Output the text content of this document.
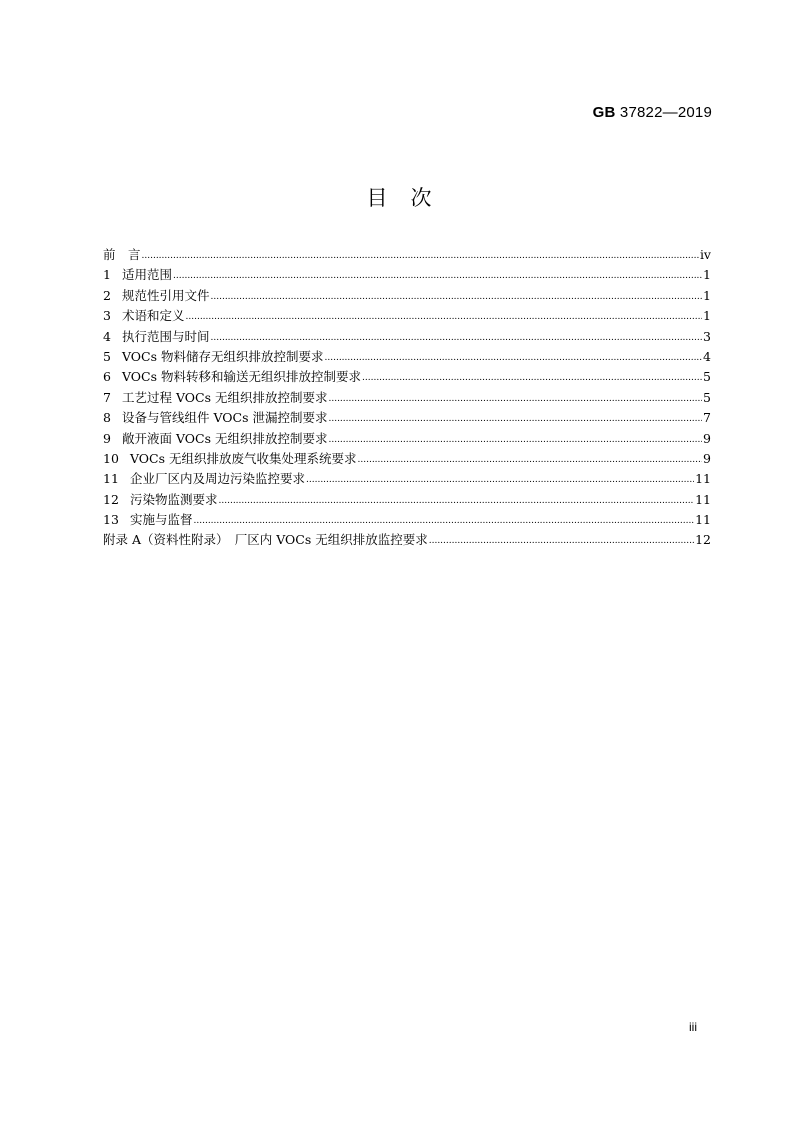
GB 37822—2019
目　次
前　言 .....	iv
1 适用范围 .....	1
2 规范性引用文件 .....	1
3 术语和定义 .....	1
4 执行范围与时间 .....	3
5 VOCs 物料储存无组织排放控制要求 .....	4
6 VOCs 物料转移和输送无组织排放控制要求 .....	5
7 工艺过程 VOCs 无组织排放控制要求 .....	5
8 设备与管线组件 VOCs 泄漏控制要求 .....	7
9 敞开液面 VOCs 无组织排放控制要求 .....	9
10 VOCs 无组织排放废气收集处理系统要求 .....	9
11 企业厂区内及周边污染监控要求 .....	11
12 污染物监测要求 .....	11
13 实施与监督 .....	11
附录 A（资料性附录）　厂区内 VOCs 无组织排放监控要求 .....	12
iii
